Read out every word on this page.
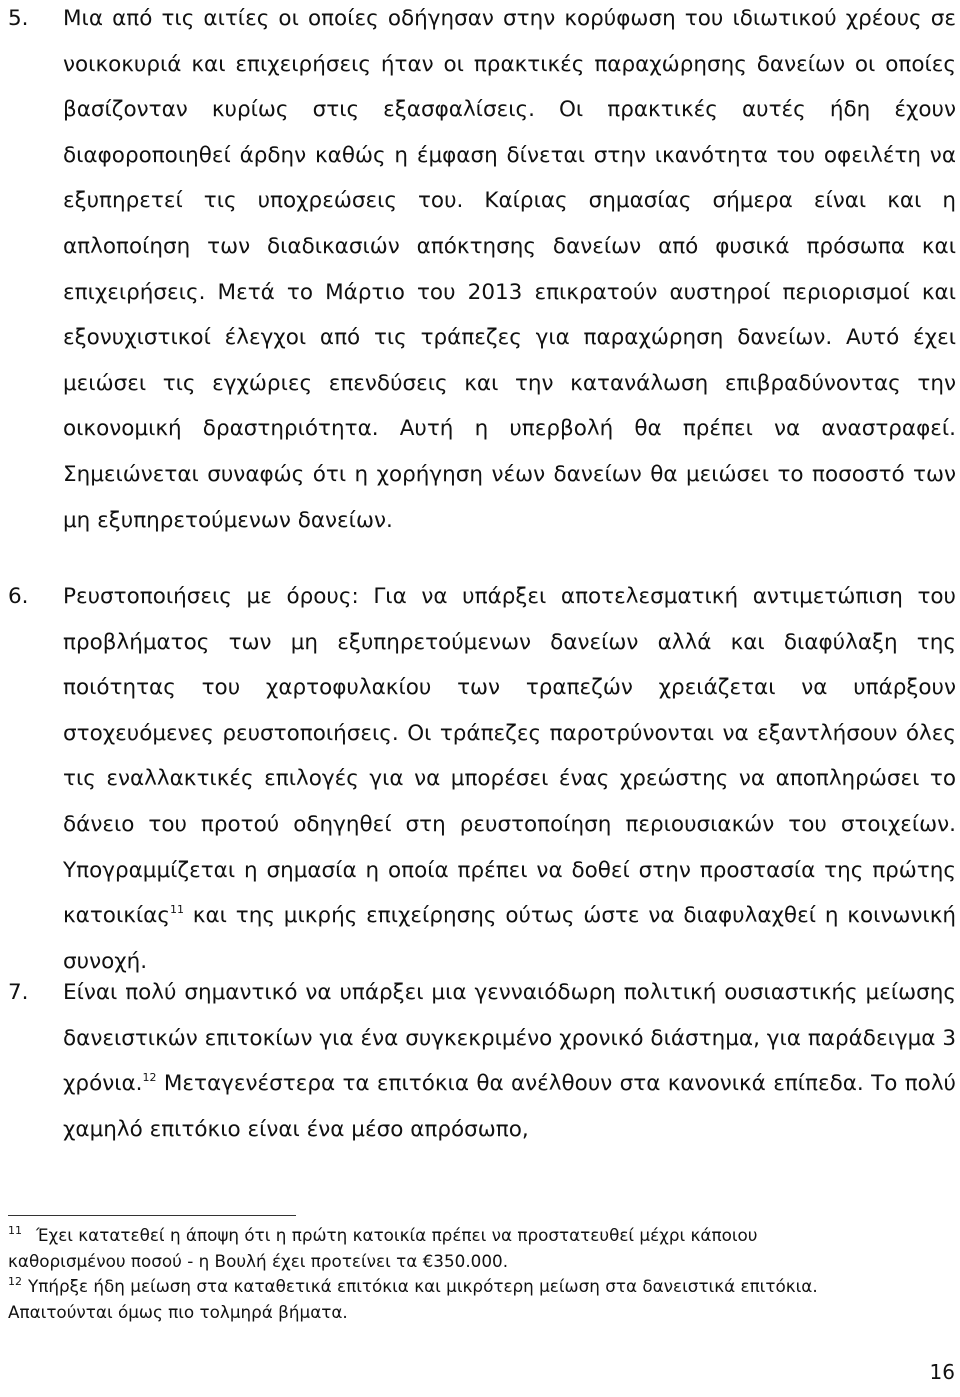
5. Μια από τις αιτίες οι οποίες οδήγησαν στην κορύφωση του ιδιωτικού χρέους σε νοικοκυριά και επιχειρήσεις ήταν οι πρακτικές παραχώρησης δανείων οι οποίες βασίζονταν κυρίως στις εξασφαλίσεις. Οι πρακτικές αυτές ήδη έχουν διαφοροποιηθεί άρδην καθώς η έμφαση δίνεται στην ικανότητα του οφειλέτη να εξυπηρετεί τις υποχρεώσεις του. Καίριας σημασίας σήμερα είναι και η απλοποίηση των διαδικασιών απόκτησης δανείων από φυσικά πρόσωπα και επιχειρήσεις. Μετά το Μάρτιο του 2013 επικρατούν αυστηροί περιορισμοί και εξονυχιστικοί έλεγχοι από τις τράπεζες για παραχώρηση δανείων. Αυτό έχει μειώσει τις εγχώριες επενδύσεις και την κατανάλωση επιβραδύνοντας την οικονομική δραστηριότητα. Αυτή η υπερβολή θα πρέπει να αναστραφεί. Σημειώνεται συναφώς ότι η χορήγηση νέων δανείων θα μειώσει το ποσοστό των μη εξυπηρετούμενων δανείων.
6. Ρευστοποιήσεις με όρους: Για να υπάρξει αποτελεσματική αντιμετώπιση του προβλήματος των μη εξυπηρετούμενων δανείων αλλά και διαφύλαξη της ποιότητας του χαρτοφυλακίου των τραπεζών χρειάζεται να υπάρξουν στοχευόμενες ρευστοποιήσεις. Οι τράπεζες παροτρύνονται να εξαντλήσουν όλες τις εναλλακτικές επιλογές για να μπορέσει ένας χρεώστης να αποπληρώσει το δάνειο του προτού οδηγηθεί στη ρευστοποίηση περιουσιακών του στοιχείων. Υπογραμμίζεται η σημασία η οποία πρέπει να δοθεί στην προστασία της πρώτης κατοικίας$^{11}$ και της μικρής επιχείρησης ούτως ώστε να διαφυλαχθεί η κοινωνική συνοχή.
7. Είναι πολύ σημαντικό να υπάρξει μια γενναιόδωρη πολιτική ουσιαστικής μείωσης δανειστικών επιτοκίων για ένα συγκεκριμένο χρονικό διάστημα, για παράδειγμα 3 χρόνια.$^{12}$ Μεταγενέστερα τα επιτόκια θα ανέλθουν στα κανονικά επίπεδα. Το πολύ χαμηλό επιτόκιο είναι ένα μέσο απρόσωπο,

$^{11}$ Έχει κατατεθεί η άποψη ότι η πρώτη κατοικία πρέπει να προστατευθεί μέχρι κάποιου

καθορισμένου ποσού - η Βουλή έχει προτείνει τα €350.000.

$^{12}$ Υπήρξε ήδη μείωση στα καταθετικά επιτόκια και μικρότερη μείωση στα δανειστικά επιτόκια.

Απαιτούνται όμως πιο τολμηρά βήματα.

16
